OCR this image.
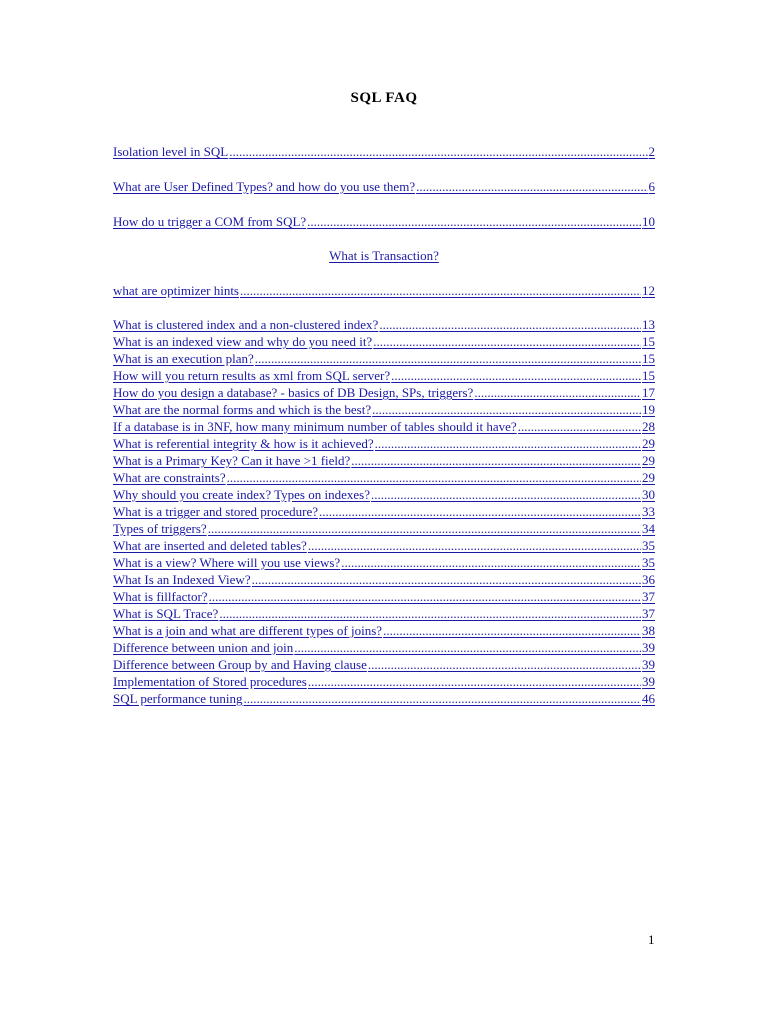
SQL FAQ
Isolation level in SQL .....	2
What are User Defined Types? and how do you use them? .....	6
How do u trigger a COM from SQL? .....	10
What is Transaction?
what are optimizer hints .....	12
What is clustered index and a non-clustered index? .....	13
What is an indexed view and why do you need it? .....	15
What is an execution plan? .....	15
How will you return results as xml from SQL server? .....	15
How do you design a database? - basics of DB Design, SPs, triggers? .....	17
What are the normal forms and which is the best? .....	19
If a database is in 3NF, how many minimum number of tables should it have? .....	28
What is referential integrity & how is it achieved? .....	29
What is a Primary Key? Can it have >1 field? .....	29
What are constraints? .....	29
Why should you create index? Types on indexes? .....	30
What is a trigger and stored procedure? .....	33
Types of triggers? .....	34
What are inserted and deleted tables? .....	35
What is a view? Where will you use views? .....	35
What Is an Indexed View? .....	36
What is fillfactor? .....	37
What is SQL Trace? .....	37
What is a join and what are different types of joins? .....	38
Difference between union and join .....	39
Difference between Group by and Having clause .....	39
Implementation of Stored procedures .....	39
SQL performance tuning .....	46
1
